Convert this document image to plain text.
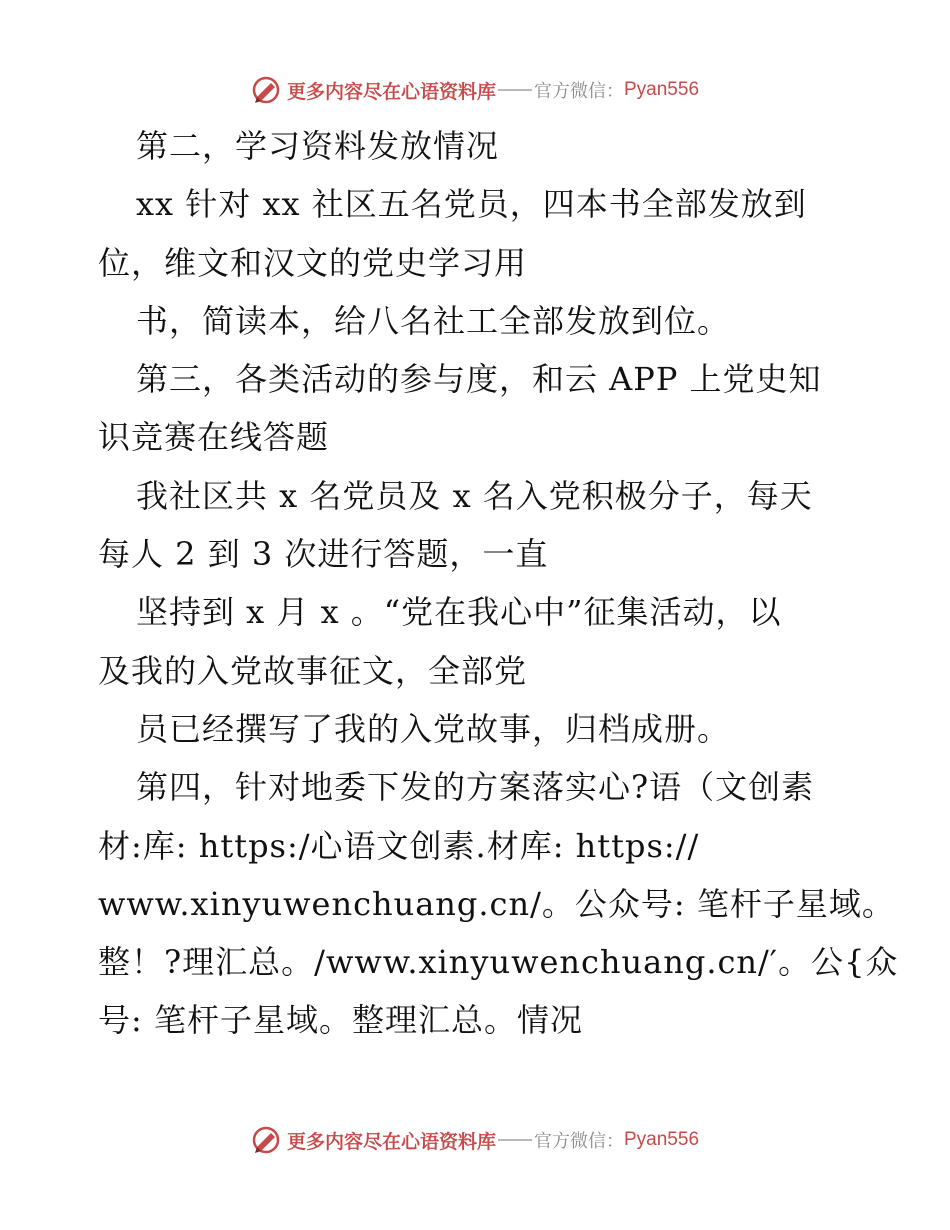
更多内容尽在心语资料库 官方微信： Pyan556
第二，学习资料发放情况
xx 针对 xx 社区五名党员，四本书全部发放到
位，维文和汉文的党史学习用
书，简读本，给八名社工全部发放到位。
第三，各类活动的参与度，和云 APP 上党史知
识竞赛在线答题
我社区共 x 名党员及 x 名入党积极分子，每天
每人 2 到 3 次进行答题，一直
坚持到 x 月 x 。“党在我心中”征集活动，以
及我的入党故事征文，全部党
员已经撰写了我的入党故事，归档成册。
第四，针对地委下发的方案落实心?语（文创素
材:库: https:/心语文创素.材库: https://
www.xinyuwenchuang.cn/。公众号: 笔杆子星域。
整！?理汇总。/www.xinyuwenchuang.cn/′。公{众
号: 笔杆子星域。整理汇总。情况
更多内容尽在心语资料库 官方微信： Pyan556
